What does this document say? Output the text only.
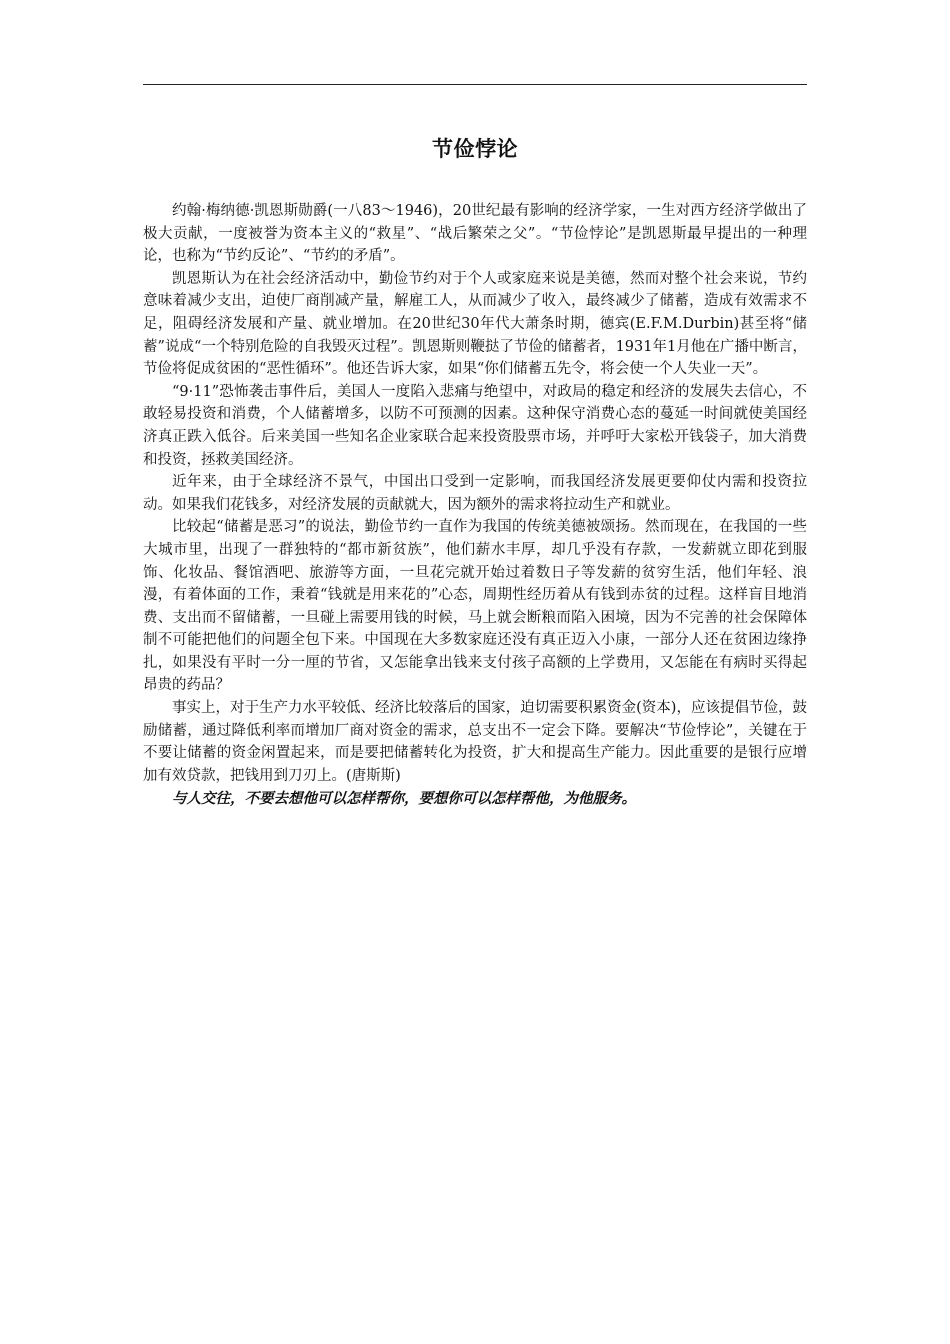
节俭悖论

约翰·梅纳德·凯恩斯勋爵(一八83～1946)，20世纪最有影响的经济学家，一生对西方经济学做出了极大贡献，一度被誉为资本主义的“救星”、“战后繁荣之父”。“节俭悖论”是凯恩斯最早提出的一种理论，也称为“节约反论”、“节约的矛盾”。

凯恩斯认为在社会经济活动中，勤俭节约对于个人或家庭来说是美德，然而对整个社会来说，节约意味着减少支出，迫使厂商削减产量，解雇工人，从而减少了收入，最终减少了储蓄，造成有效需求不足，阻碍经济发展和产量、就业增加。在20世纪30年代大萧条时期，德宾(E.F.M.Durbin)甚至将“储蓄”说成“一个特别危险的自我毁灭过程”。凯恩斯则鞭挞了节俭的储蓄者，1931年1月他在广播中断言，节俭将促成贫困的“恶性循环”。他还告诉大家，如果“你们储蓄五先令，将会使一个人失业一天”。

“9·11”恐怖袭击事件后，美国人一度陷入悲痛与绝望中，对政局的稳定和经济的发展失去信心，不敢轻易投资和消费，个人储蓄增多，以防不可预测的因素。这种保守消费心态的蔓延一时间就使美国经济真正跌入低谷。后来美国一些知名企业家联合起来投资股票市场，并呼吁大家松开钱袋子，加大消费和投资，拯救美国经济。

近年来，由于全球经济不景气，中国出口受到一定影响，而我国经济发展更要仰仗内需和投资拉动。如果我们花钱多，对经济发展的贡献就大，因为额外的需求将拉动生产和就业。

比较起“储蓄是恶习”的说法，勤俭节约一直作为我国的传统美德被颂扬。然而现在，在我国的一些大城市里，出现了一群独特的“都市新贫族”，他们薪水丰厚，却几乎没有存款，一发薪就立即花到服饰、化妆品、餐馆酒吧、旅游等方面，一旦花完就开始过着数日子等发薪的贫穷生活，他们年轻、浪漫，有着体面的工作，秉着“钱就是用来花的”心态，周期性经历着从有钱到赤贫的过程。这样盲目地消费、支出而不留储蓄，一旦碰上需要用钱的时候，马上就会断粮而陷入困境，因为不完善的社会保障体制不可能把他们的问题全包下来。中国现在大多数家庭还没有真正迈入小康，一部分人还在贫困边缘挣扎，如果没有平时一分一厘的节省，又怎能拿出钱来支付孩子高额的上学费用，又怎能在有病时买得起昂贵的药品？

事实上，对于生产力水平较低、经济比较落后的国家，迫切需要积累资金(资本)，应该提倡节俭，鼓励储蓄，通过降低利率而增加厂商对资金的需求，总支出不一定会下降。要解决“节俭悖论”，关键在于不要让储蓄的资金闲置起来，而是要把储蓄转化为投资，扩大和提高生产能力。因此重要的是银行应增加有效贷款，把钱用到刀刃上。(唐斯斯)

与人交往，不要去想他可以怎样帮你，要想你可以怎样帮他，为他服务。
